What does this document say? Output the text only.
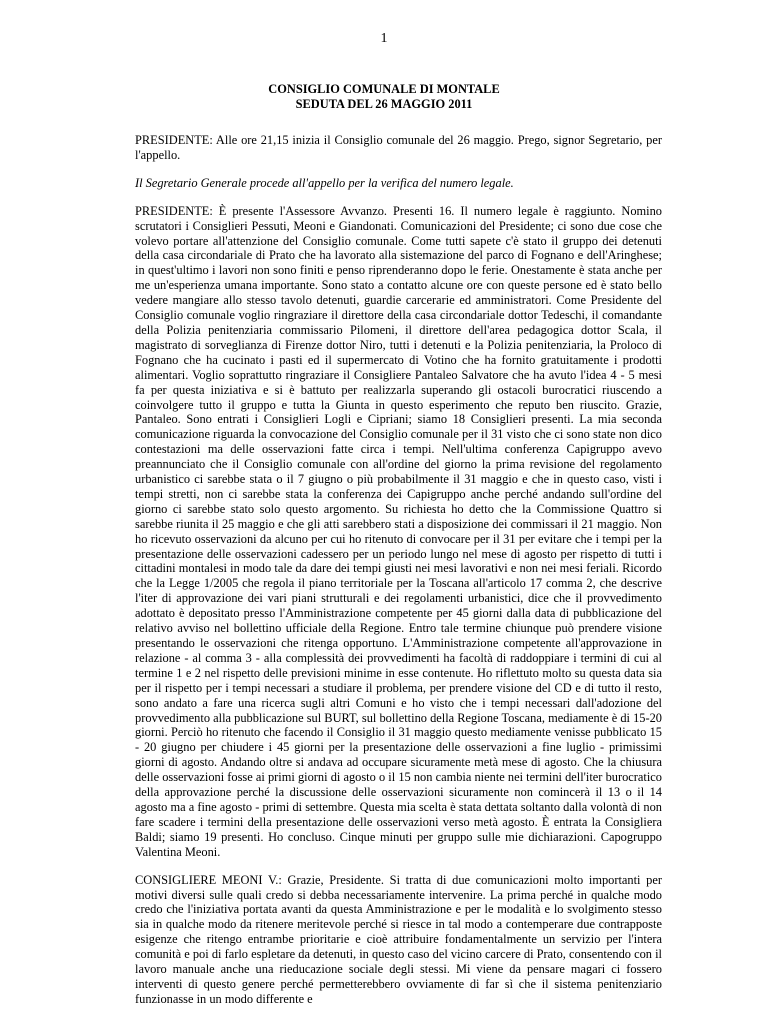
1
CONSIGLIO COMUNALE DI MONTALE
SEDUTA DEL 26 MAGGIO 2011

PRESIDENTE: Alle ore 21,15 inizia il Consiglio comunale del 26 maggio. Prego, signor Segretario, per l'appello.

Il Segretario Generale procede all'appello per la verifica del numero legale.

PRESIDENTE: È presente l'Assessore Avvanzo. Presenti 16. Il numero legale è raggiunto. Nomino scrutatori i Consiglieri Pessuti, Meoni e Giandonati. Comunicazioni del Presidente; ci sono due cose che volevo portare all'attenzione del Consiglio comunale. Come tutti sapete c'è stato il gruppo dei detenuti della casa circondariale di Prato che ha lavorato alla sistemazione del parco di Fognano e dell'Aringhese; in quest'ultimo i lavori non sono finiti e penso riprenderanno dopo le ferie. Onestamente è stata anche per me un'esperienza umana importante. Sono stato a contatto alcune ore con queste persone ed è stato bello vedere mangiare allo stesso tavolo detenuti, guardie carcerarie ed amministratori. Come Presidente del Consiglio comunale voglio ringraziare il direttore della casa circondariale dottor Tedeschi, il comandante della Polizia penitenziaria commissario Pilomeni, il direttore dell'area pedagogica dottor Scala, il magistrato di sorveglianza di Firenze dottor Niro, tutti i detenuti e la Polizia penitenziaria, la Proloco di Fognano che ha cucinato i pasti ed il supermercato di Votino che ha fornito gratuitamente i prodotti alimentari. Voglio soprattutto ringraziare il Consigliere Pantaleo Salvatore che ha avuto l'idea 4 - 5 mesi fa per questa iniziativa e si è battuto per realizzarla superando gli ostacoli burocratici riuscendo a coinvolgere tutto il gruppo e tutta la Giunta in questo esperimento che reputo ben riuscito. Grazie, Pantaleo. Sono entrati i Consiglieri Logli e Cipriani; siamo 18 Consiglieri presenti. La mia seconda comunicazione riguarda la convocazione del Consiglio comunale per il 31 visto che ci sono state non dico contestazioni ma delle osservazioni fatte circa i tempi. Nell'ultima conferenza Capigruppo avevo preannunciato che il Consiglio comunale con all'ordine del giorno la prima revisione del regolamento urbanistico ci sarebbe stata o il 7 giugno o più probabilmente il 31 maggio e che in questo caso, visti i tempi stretti, non ci sarebbe stata la conferenza dei Capigruppo anche perché andando sull'ordine del giorno ci sarebbe stato solo questo argomento. Su richiesta ho detto che la Commissione Quattro si sarebbe riunita il 25 maggio e che gli atti sarebbero stati a disposizione dei commissari il 21 maggio. Non ho ricevuto osservazioni da alcuno per cui ho ritenuto di convocare per il 31 per evitare che i tempi per la presentazione delle osservazioni cadessero per un periodo lungo nel mese di agosto per rispetto di tutti i cittadini montalesi in modo tale da dare dei tempi giusti nei mesi lavorativi e non nei mesi feriali. Ricordo che la Legge 1/2005 che regola il piano territoriale per la Toscana all'articolo 17 comma 2, che descrive l'iter di approvazione dei vari piani strutturali e dei regolamenti urbanistici, dice che il provvedimento adottato è depositato presso l'Amministrazione competente per 45 giorni dalla data di pubblicazione del relativo avviso nel bollettino ufficiale della Regione. Entro tale termine chiunque può prendere visione presentando le osservazioni che ritenga opportuno. L'Amministrazione competente all'approvazione in relazione - al comma 3 - alla complessità dei provvedimenti ha facoltà di raddoppiare i termini di cui al termine 1 e 2 nel rispetto delle previsioni minime in esse contenute. Ho riflettuto molto su questa data sia per il rispetto per i tempi necessari a studiare il problema, per prendere visione del CD e di tutto il resto, sono andato a fare una ricerca sugli altri Comuni e ho visto che i tempi necessari dall'adozione del provvedimento alla pubblicazione sul BURT, sul bollettino della Regione Toscana, mediamente è di 15-20 giorni. Perciò ho ritenuto che facendo il Consiglio il 31 maggio questo mediamente venisse pubblicato 15 - 20 giugno per chiudere i 45 giorni per la presentazione delle osservazioni a fine luglio - primissimi giorni di agosto. Andando oltre si andava ad occupare sicuramente metà mese di agosto. Che la chiusura delle osservazioni fosse ai primi giorni di agosto o il 15 non cambia niente nei termini dell'iter burocratico della approvazione perché la discussione delle osservazioni sicuramente non comincerà il 13 o il 14 agosto ma a fine agosto - primi di settembre. Questa mia scelta è stata dettata soltanto dalla volontà di non fare scadere i termini della presentazione delle osservazioni verso metà agosto. È entrata la Consigliera Baldi; siamo 19 presenti. Ho concluso. Cinque minuti per gruppo sulle mie dichiarazioni. Capogruppo Valentina Meoni.

CONSIGLIERE MEONI V.: Grazie, Presidente. Si tratta di due comunicazioni molto importanti per motivi diversi sulle quali credo si debba necessariamente intervenire. La prima perché in qualche modo credo che l'iniziativa portata avanti da questa Amministrazione e per le modalità e lo svolgimento stesso sia in qualche modo da ritenere meritevole perché si riesce in tal modo a contemperare due contrapposte esigenze che ritengo entrambe prioritarie e cioè attribuire fondamentalmente un servizio per l'intera comunità e poi di farlo espletare da detenuti, in questo caso del vicino carcere di Prato, consentendo con il lavoro manuale anche una rieducazione sociale degli stessi. Mi viene da pensare magari ci fossero interventi di questo genere perché permetterebbero ovviamente di far sì che il sistema penitenziario funzionasse in un modo differente e
